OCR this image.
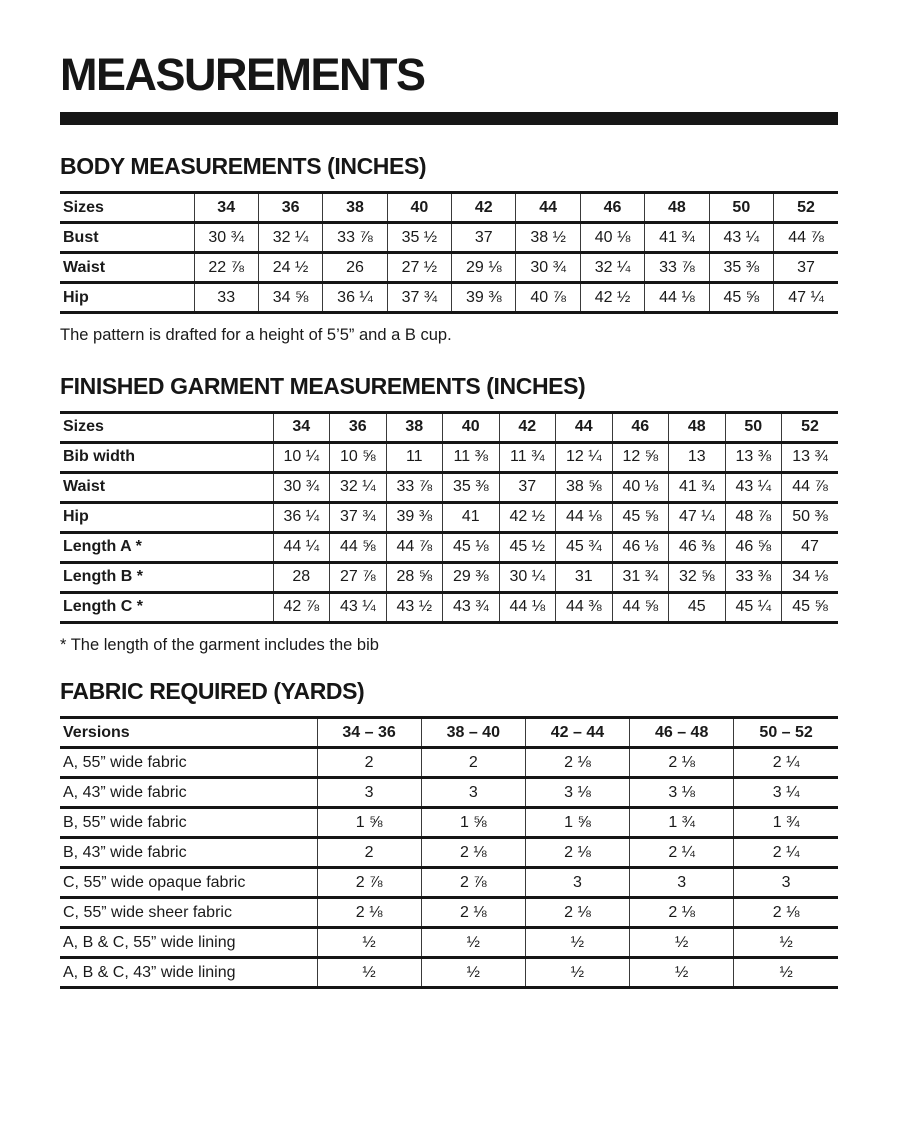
MEASUREMENTS
BODY MEASUREMENTS (INCHES)
Sizes	34	36	38	40	42	44	46	48	50	52
Bust	30 ¾	32 ¼	33 ⅞	35 ½	37	38 ½	40 ⅛	41 ¾	43 ¼	44 ⅞
Waist	22 ⅞	24 ½	26	27 ½	29 ⅛	30 ¾	32 ¼	33 ⅞	35 ⅜	37
Hip	33	34 ⅝	36 ¼	37 ¾	39 ⅜	40 ⅞	42 ½	44 ⅛	45 ⅝	47 ¼

The pattern is drafted for a height of 5’5” and a B cup.

FINISHED GARMENT MEASUREMENTS (INCHES)
Sizes	34	36	38	40	42	44	46	48	50	52
Bib width	10 ¼	10 ⅝	11	11 ⅜	11 ¾	12 ¼	12 ⅝	13	13 ⅜	13 ¾
Waist	30 ¾	32 ¼	33 ⅞	35 ⅜	37	38 ⅝	40 ⅛	41 ¾	43 ¼	44 ⅞
Hip	36 ¼	37 ¾	39 ⅜	41	42 ½	44 ⅛	45 ⅝	47 ¼	48 ⅞	50 ⅜
Length A *	44 ¼	44 ⅝	44 ⅞	45 ⅛	45 ½	45 ¾	46 ⅛	46 ⅜	46 ⅝	47
Length B *	28	27 ⅞	28 ⅝	29 ⅜	30 ¼	31	31 ¾	32 ⅝	33 ⅜	34 ⅛
Length C *	42 ⅞	43 ¼	43 ½	43 ¾	44 ⅛	44 ⅜	44 ⅝	45	45 ¼	45 ⅝

* The length of the garment includes the bib

FABRIC REQUIRED (YARDS)
Versions	34 – 36	38 – 40	42 – 44	46 – 48	50 – 52
A, 55” wide fabric	2	2	2 ⅛	2 ⅛	2 ¼
A, 43” wide fabric	3	3	3 ⅛	3 ⅛	3 ¼
B, 55” wide fabric	1 ⅝	1 ⅝	1 ⅝	1 ¾	1 ¾
B, 43” wide fabric	2	2 ⅛	2 ⅛	2 ¼	2 ¼
C, 55” wide opaque fabric	2 ⅞	2 ⅞	3	3	3
C, 55” wide sheer fabric	2 ⅛	2 ⅛	2 ⅛	2 ⅛	2 ⅛
A, B & C, 55” wide lining	½	½	½	½	½
A, B & C, 43” wide lining	½	½	½	½	½
